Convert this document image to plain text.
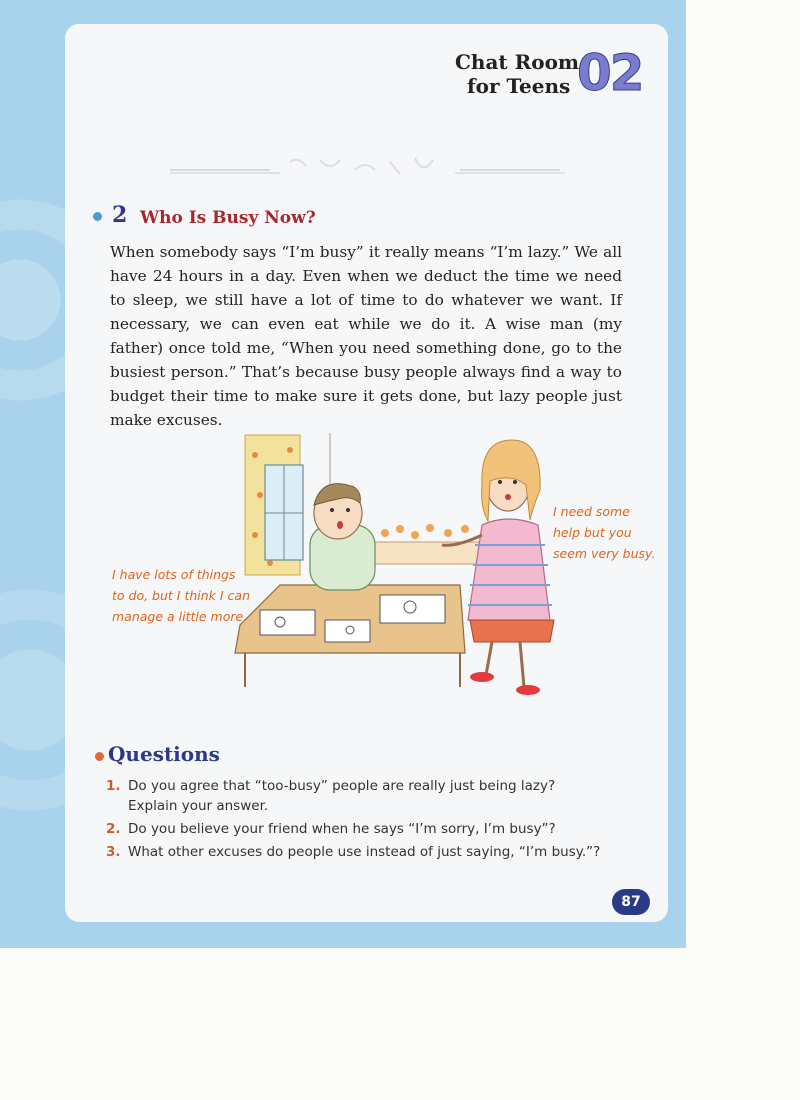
Chat Room
for Teens 02
2 Who Is Busy Now?
When somebody says “I’m busy” it really means “I’m lazy.” We all have 24 hours in a day. Even when we deduct the time we need to sleep, we still have a lot of time to do whatever we want. If necessary, we can even eat while we do it. A wise man (my father) once told me, “When you need something done, go to the busiest person.” That’s because busy people always find a way to budget their time to make sure it gets done, but lazy people just make excuses.
I have lots of things
to do, but I think I can
manage a little more.
I need some
help but you
seem very busy.
Questions
1. Do you agree that “too-busy” people are really just being lazy?
Explain your answer.
2. Do you believe your friend when he says “I’m sorry, I’m busy”?
3. What other excuses do people use instead of just saying, “I’m busy.”?
87
